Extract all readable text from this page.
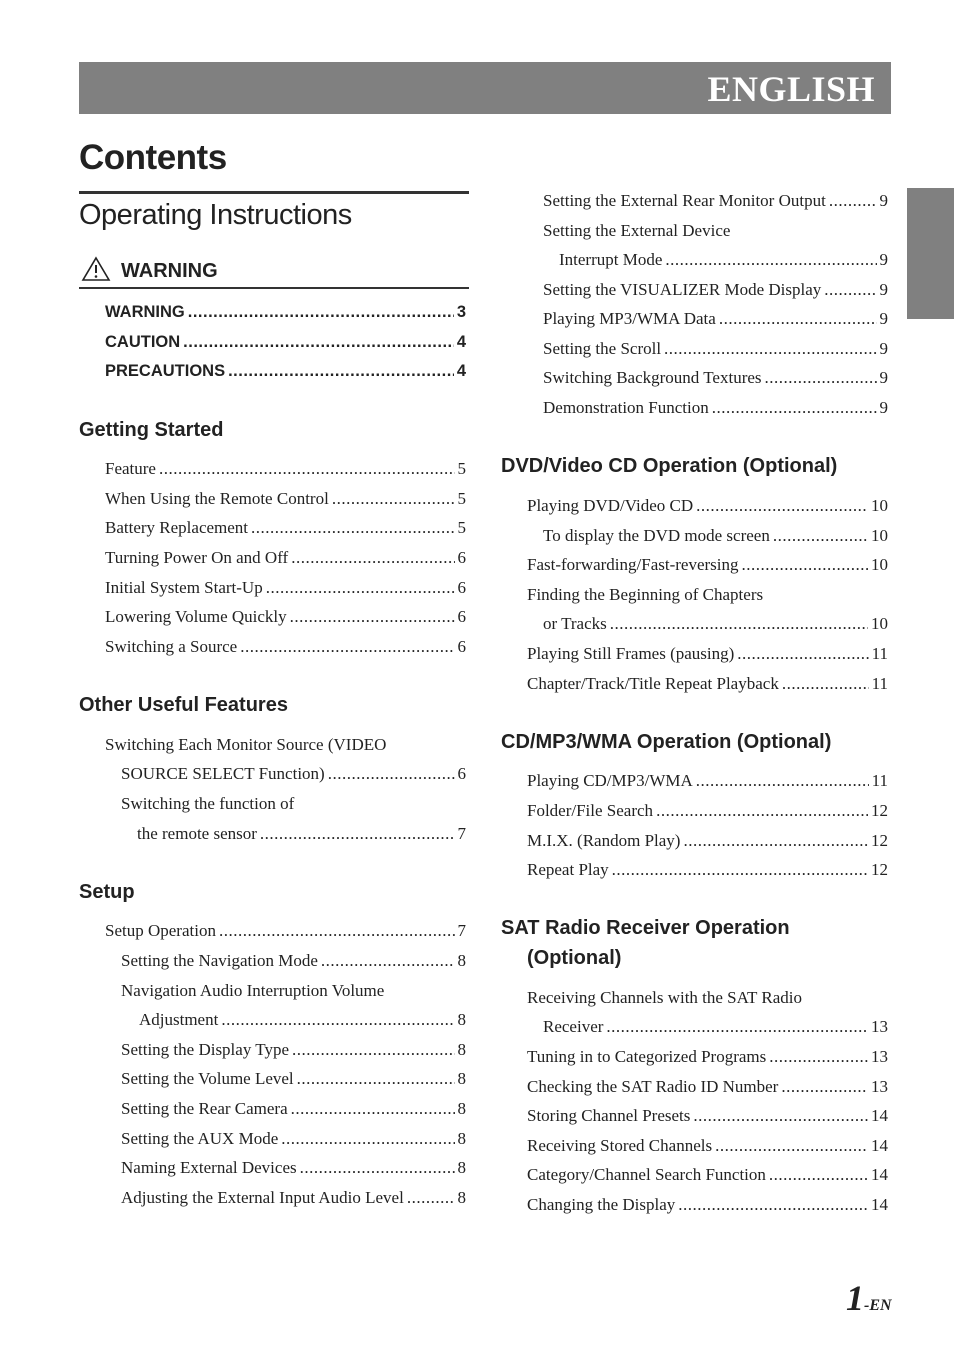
ENGLISH
Contents
Operating Instructions
WARNING
WARNING .....	3
CAUTION .....	4
PRECAUTIONS .....	4
Getting Started
Feature .....	5
When Using the Remote Control .....	5
Battery Replacement .....	5
Turning Power On and Off .....	6
Initial System Start-Up .....	6
Lowering Volume Quickly .....	6
Switching a Source .....	6
Other Useful Features
Switching Each Monitor Source (VIDEO
SOURCE SELECT Function) .....	6
Switching the function of
the remote sensor .....	7
Setup
Setup Operation .....	7
Setting the Navigation Mode .....	8
Navigation Audio Interruption Volume
Adjustment .....	8
Setting the Display Type .....	8
Setting the Volume Level .....	8
Setting the Rear Camera .....	8
Setting the AUX Mode .....	8
Naming External Devices .....	8
Adjusting the External Input Audio Level .....	8
Setting the External Rear Monitor Output .....	9
Setting the External Device
Interrupt Mode .....	9
Setting the VISUALIZER Mode Display .....	9
Playing MP3/WMA Data .....	9
Setting the Scroll .....	9
Switching Background Textures .....	9
Demonstration Function .....	9
DVD/Video CD Operation (Optional)
Playing DVD/Video CD .....	10
To display the DVD mode screen .....	10
Fast-forwarding/Fast-reversing .....	10
Finding the Beginning of Chapters
or Tracks .....	10
Playing Still Frames (pausing) .....	11
Chapter/Track/Title Repeat Playback .....	11
CD/MP3/WMA Operation (Optional)
Playing CD/MP3/WMA .....	11
Folder/File Search .....	12
M.I.X. (Random Play) .....	12
Repeat Play .....	12
SAT Radio Receiver Operation
(Optional)
Receiving Channels with the SAT Radio
Receiver .....	13
Tuning in to Categorized Programs .....	13
Checking the SAT Radio ID Number .....	13
Storing Channel Presets .....	14
Receiving Stored Channels .....	14
Category/Channel Search Function .....	14
Changing the Display .....	14
1-EN
